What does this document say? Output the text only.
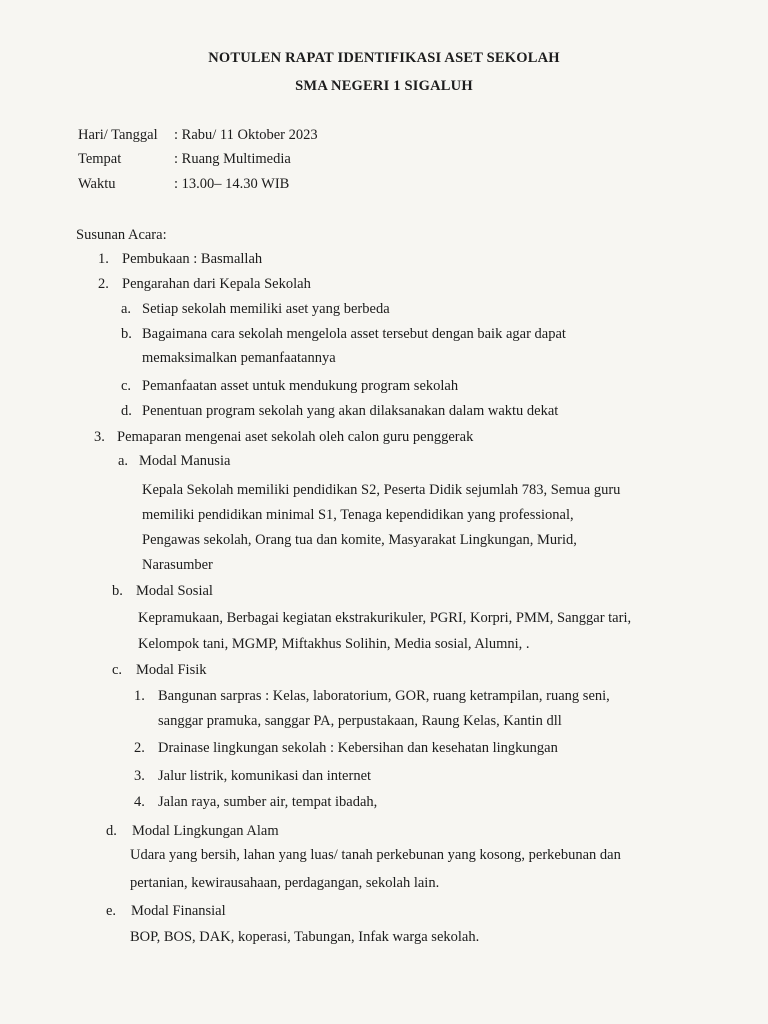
NOTULEN RAPAT IDENTIFIKASI ASET SEKOLAH
SMA NEGERI 1 SIGALUH
Hari/ Tanggal : Rabu/ 11 Oktober 2023
Tempat	: Ruang Multimedia
Waktu	: 13.00– 14.30 WIB
Susunan Acara:
1. Pembukaan : Basmallah
2. Pengarahan dari Kepala Sekolah
a. Setiap sekolah memiliki aset yang berbeda
b. Bagaimana cara sekolah mengelola asset tersebut dengan baik agar dapat
memaksimalkan pemanfaatannya
c. Pemanfaatan asset untuk mendukung program sekolah
d. Penentuan program sekolah yang akan dilaksanakan dalam waktu dekat
3. Pemaparan mengenai aset sekolah oleh calon guru penggerak
a. Modal Manusia
Kepala Sekolah memiliki pendidikan S2, Peserta Didik sejumlah 783, Semua guru
memiliki pendidikan minimal S1, Tenaga kependidikan yang professional,
Pengawas sekolah, Orang tua dan komite, Masyarakat Lingkungan, Murid,
Narasumber
b. Modal Sosial
Kepramukaan, Berbagai kegiatan ekstrakurikuler, PGRI, Korpri, PMM, Sanggar tari,
Kelompok tani, MGMP, Miftakhus Solihin, Media sosial, Alumni, .
c. Modal Fisik
1. Bangunan sarpras : Kelas, laboratorium, GOR, ruang ketrampilan, ruang seni,
sanggar pramuka, sanggar PA, perpustakaan, Raung Kelas, Kantin dll
2. Drainase lingkungan sekolah : Kebersihan dan kesehatan lingkungan
3. Jalur listrik, komunikasi dan internet
4. Jalan raya, sumber air, tempat ibadah,
d. Modal Lingkungan Alam
Udara yang bersih, lahan yang luas/ tanah perkebunan yang kosong, perkebunan dan
pertanian, kewirausahaan, perdagangan, sekolah lain.
e. Modal Finansial
BOP, BOS, DAK, koperasi, Tabungan, Infak warga sekolah.
